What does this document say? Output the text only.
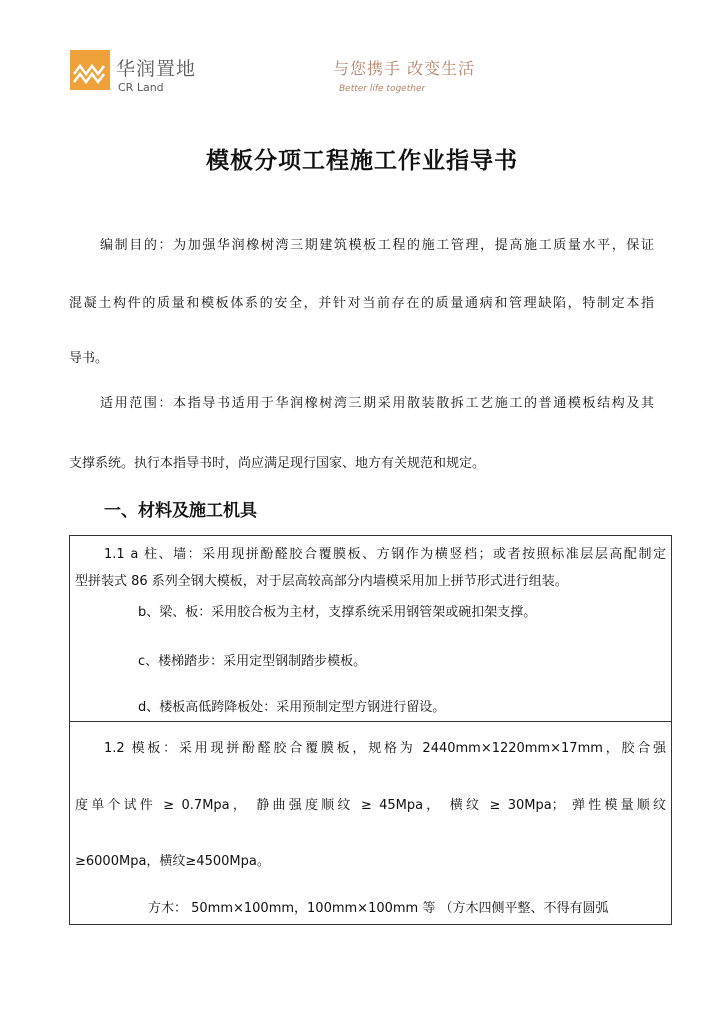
华润置地
CR Land
与您携手 改变生活
Better life together
模板分项工程施工作业指导书
编制目的：为加强华润橡树湾三期建筑模板工程的施工管理，提高施工质量水平，保证
混凝土构件的质量和模板体系的安全，并针对当前存在的质量通病和管理缺陷，特制定本指
导书。
适用范围：本指导书适用于华润橡树湾三期采用散装散拆工艺施工的普通模板结构及其
支撑系统。执行本指导书时，尚应满足现行国家、地方有关规范和规定。
一、材料及施工机具
1.1 a 柱、墙：采用现拼酚醛胶合覆膜板、方钢作为横竖档；或者按照标准层层高配制定
型拼装式 86 系列全钢大模板，对于层高较高部分内墙模采用加上拼节形式进行组装。
b、梁、板：采用胶合板为主材，支撑系统采用钢管架或碗扣架支撑。
c、楼梯踏步：采用定型钢制踏步模板。
d、楼板高低跨降板处：采用预制定型方钢进行留设。
1.2 模板：采用现拼酚醛胶合覆膜板，规格为 2440mm×1220mm×17mm，胶合强
度单个试件 ≥ 0.7Mpa， 静曲强度顺纹 ≥ 45Mpa， 横纹 ≥ 30Mpa； 弹性模量顺纹
≥6000Mpa，横纹≥4500Mpa。
方木： 50mm×100mm，100mm×100mm 等 （方木四侧平整、不得有圆弧
